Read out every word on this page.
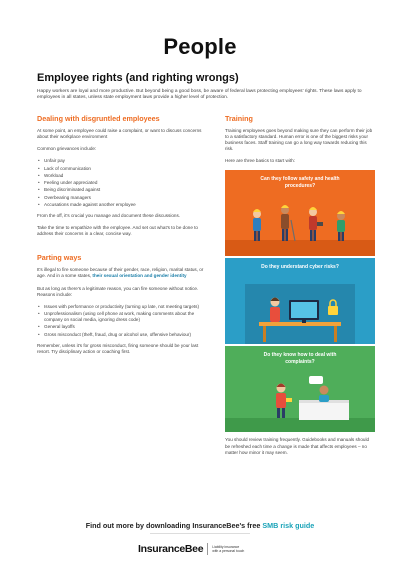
People
Employee rights (and righting wrongs)
Happy workers are loyal and more productive. But beyond being a good boss, be aware of federal laws protecting employees' rights. These laws apply to employees in all states, unless state employment laws provide a higher level of protection.
Dealing with disgruntled employees
At some point, an employee could raise a complaint, or want to discuss concerns about their workplace environment
Common grievances include:
• Unfair pay
• Lack of communication
• Workload
• Feeling under appreciated
• Being discriminated against
• Overbearing managers
• Accusations made against another employee
From the off, it's crucial you manage and document these discussions.
Take the time to empathize with the employee. And set out what's to be done to address their concerns in a clear, concise way.
Parting ways
It's illegal to fire someone because of their gender, race, religion, marital status, or age. And in a some states, their sexual orientation and gender identity
But as long as there's a legitimate reason, you can fire someone without notice. Reasons include:
• Issues with performance or productivity (turning up late, not meeting targets)
• Unprofessionalism (using cell phone at work, making comments about the company on social media, ignoring dress code)
• General layoffs
• Gross misconduct (theft, fraud, drug or alcohol use, offensive behaviour)
Remember, unless it's for gross misconduct, firing someone should be your last resort. Try disciplinary action or coaching first.
Training
Training employees goes beyond making sure they can perform their job to a satisfactory standard. Human error is one of the biggest risks your business faces. Staff training can go a long way towards reducing this risk.
Here are three basics to start with:
Can they follow safety and health procedures?
Do they understand cyber risks?
Do they know how to deal with complaints?
You should review training frequently. Guidebooks and manuals should be refreshed each time a change is made that affects employees – no matter how minor it may seem.
Find out more by downloading InsuranceBee's free SMB risk guide
InsuranceBee	Liability insurance
with a personal touch
